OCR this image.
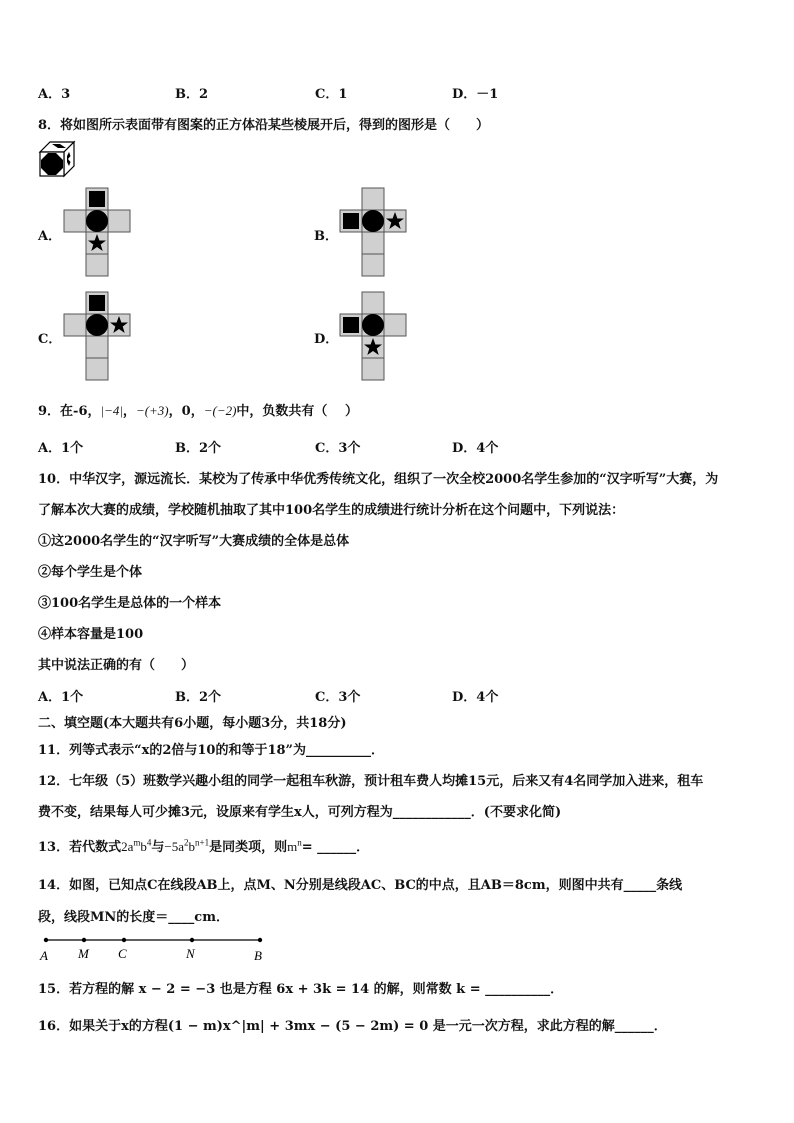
A．3	B．2	C．1	D．－1
8．将如图所示表面带有图案的正方体沿某些棱展开后，得到的图形是（　　）
A．	B．
C．	D．
9．在-6，|−4|，−(+3)，0，−(−2)中，负数共有（　 ）
A．1个	B．2个	C．3个	D．4个
10．中华汉字，源远流长．某校为了传承中华优秀传统文化，组织了一次全校2000名学生参加的“汉字听写”大赛，为
了解本次大赛的成绩，学校随机抽取了其中100名学生的成绩进行统计分析在这个问题中，下列说法：
①这2000名学生的“汉字听写”大赛成绩的全体是总体
②每个学生是个体
③100名学生是总体的一个样本
④样本容量是100
其中说法正确的有（　　）
A．1个	B．2个	C．3个	D．4个
二、填空题(本大题共有6小题，每小题3分，共18分)
11．列等式表示“x的2倍与10的和等于18”为__________．
12．七年级（5）班数学兴趣小组的同学一起租车秋游，预计租车费人均摊15元，后来又有4名同学加入进来，租车
费不变，结果每人可少摊3元，设原来有学生x人，可列方程为____________．(不要求化简)
13．若代数式$2a^mb^4$与$-5a^2b^{n+1}$是同类项，则$m^n=$ ______．
14．如图，已知点C在线段AB上，点M、N分别是线段AC、BC的中点，且AB＝8cm，则图中共有_____条线
段，线段MN的长度＝____cm．
A M C	N	B
15．若方程的解 x − 2 = −3 也是方程 6x + 3k = 14 的解，则常数 k = __________．
16．如果关于x的方程(1 − m)x^|m| + 3mx − (5 − 2m) = 0 是一元一次方程，求此方程的解______．
